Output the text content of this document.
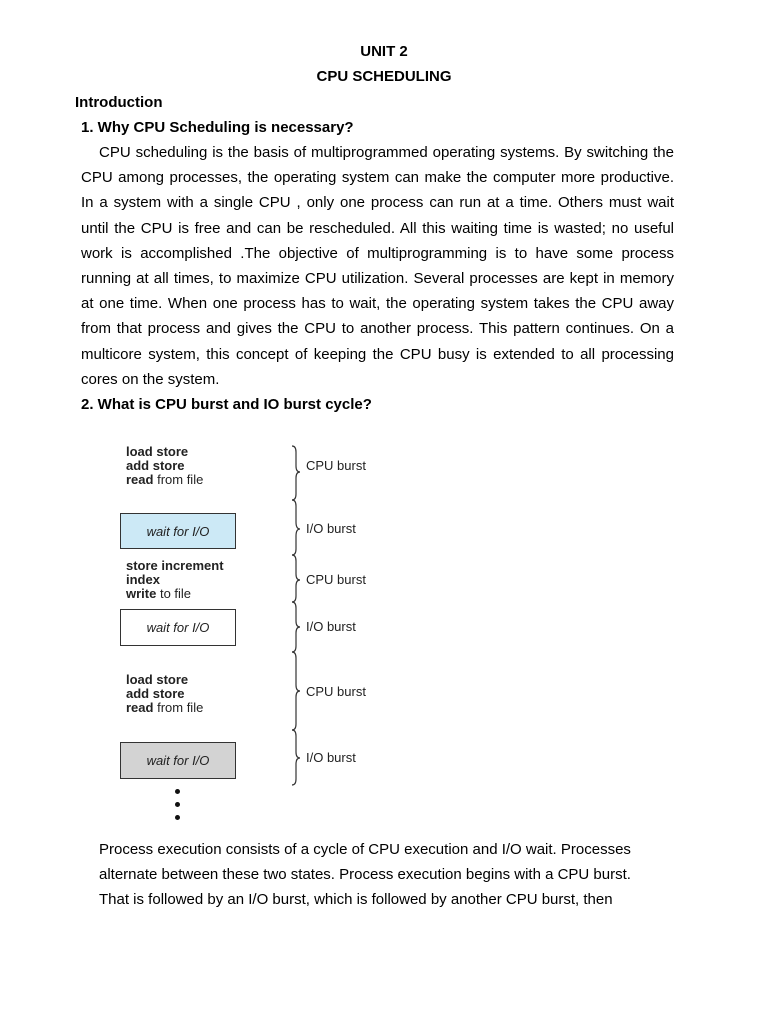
UNIT 2
CPU SCHEDULING
Introduction
1. Why CPU Scheduling is necessary?
CPU scheduling is the basis of multiprogrammed operating systems. By switching the CPU among processes, the operating system can make the computer more productive. In a system with a single CPU , only one process can run at a time. Others must wait until the CPU is free and can be rescheduled. All this waiting time is wasted; no useful work is accomplished .The objective of multiprogramming is to have some process running at all times, to maximize CPU utilization. Several processes are kept in memory at one time. When one process has to wait, the operating system takes the CPU away from that process and gives the CPU to another process. This pattern continues. On a multicore system, this concept of keeping the CPU busy is extended to all processing cores on the system.
2. What is CPU burst and IO burst cycle?
load store
add store
read from file
wait for I/O
store increment
index
write to file
wait for I/O
load store
add store
read from file
wait for I/O
CPU burst
I/O burst
CPU burst
I/O burst
CPU burst
I/O burst
Process execution consists of a cycle of CPU execution and I/O wait. Processes
alternate between these two states. Process execution begins with a CPU burst.
That is followed by an I/O burst, which is followed by another CPU burst, then
